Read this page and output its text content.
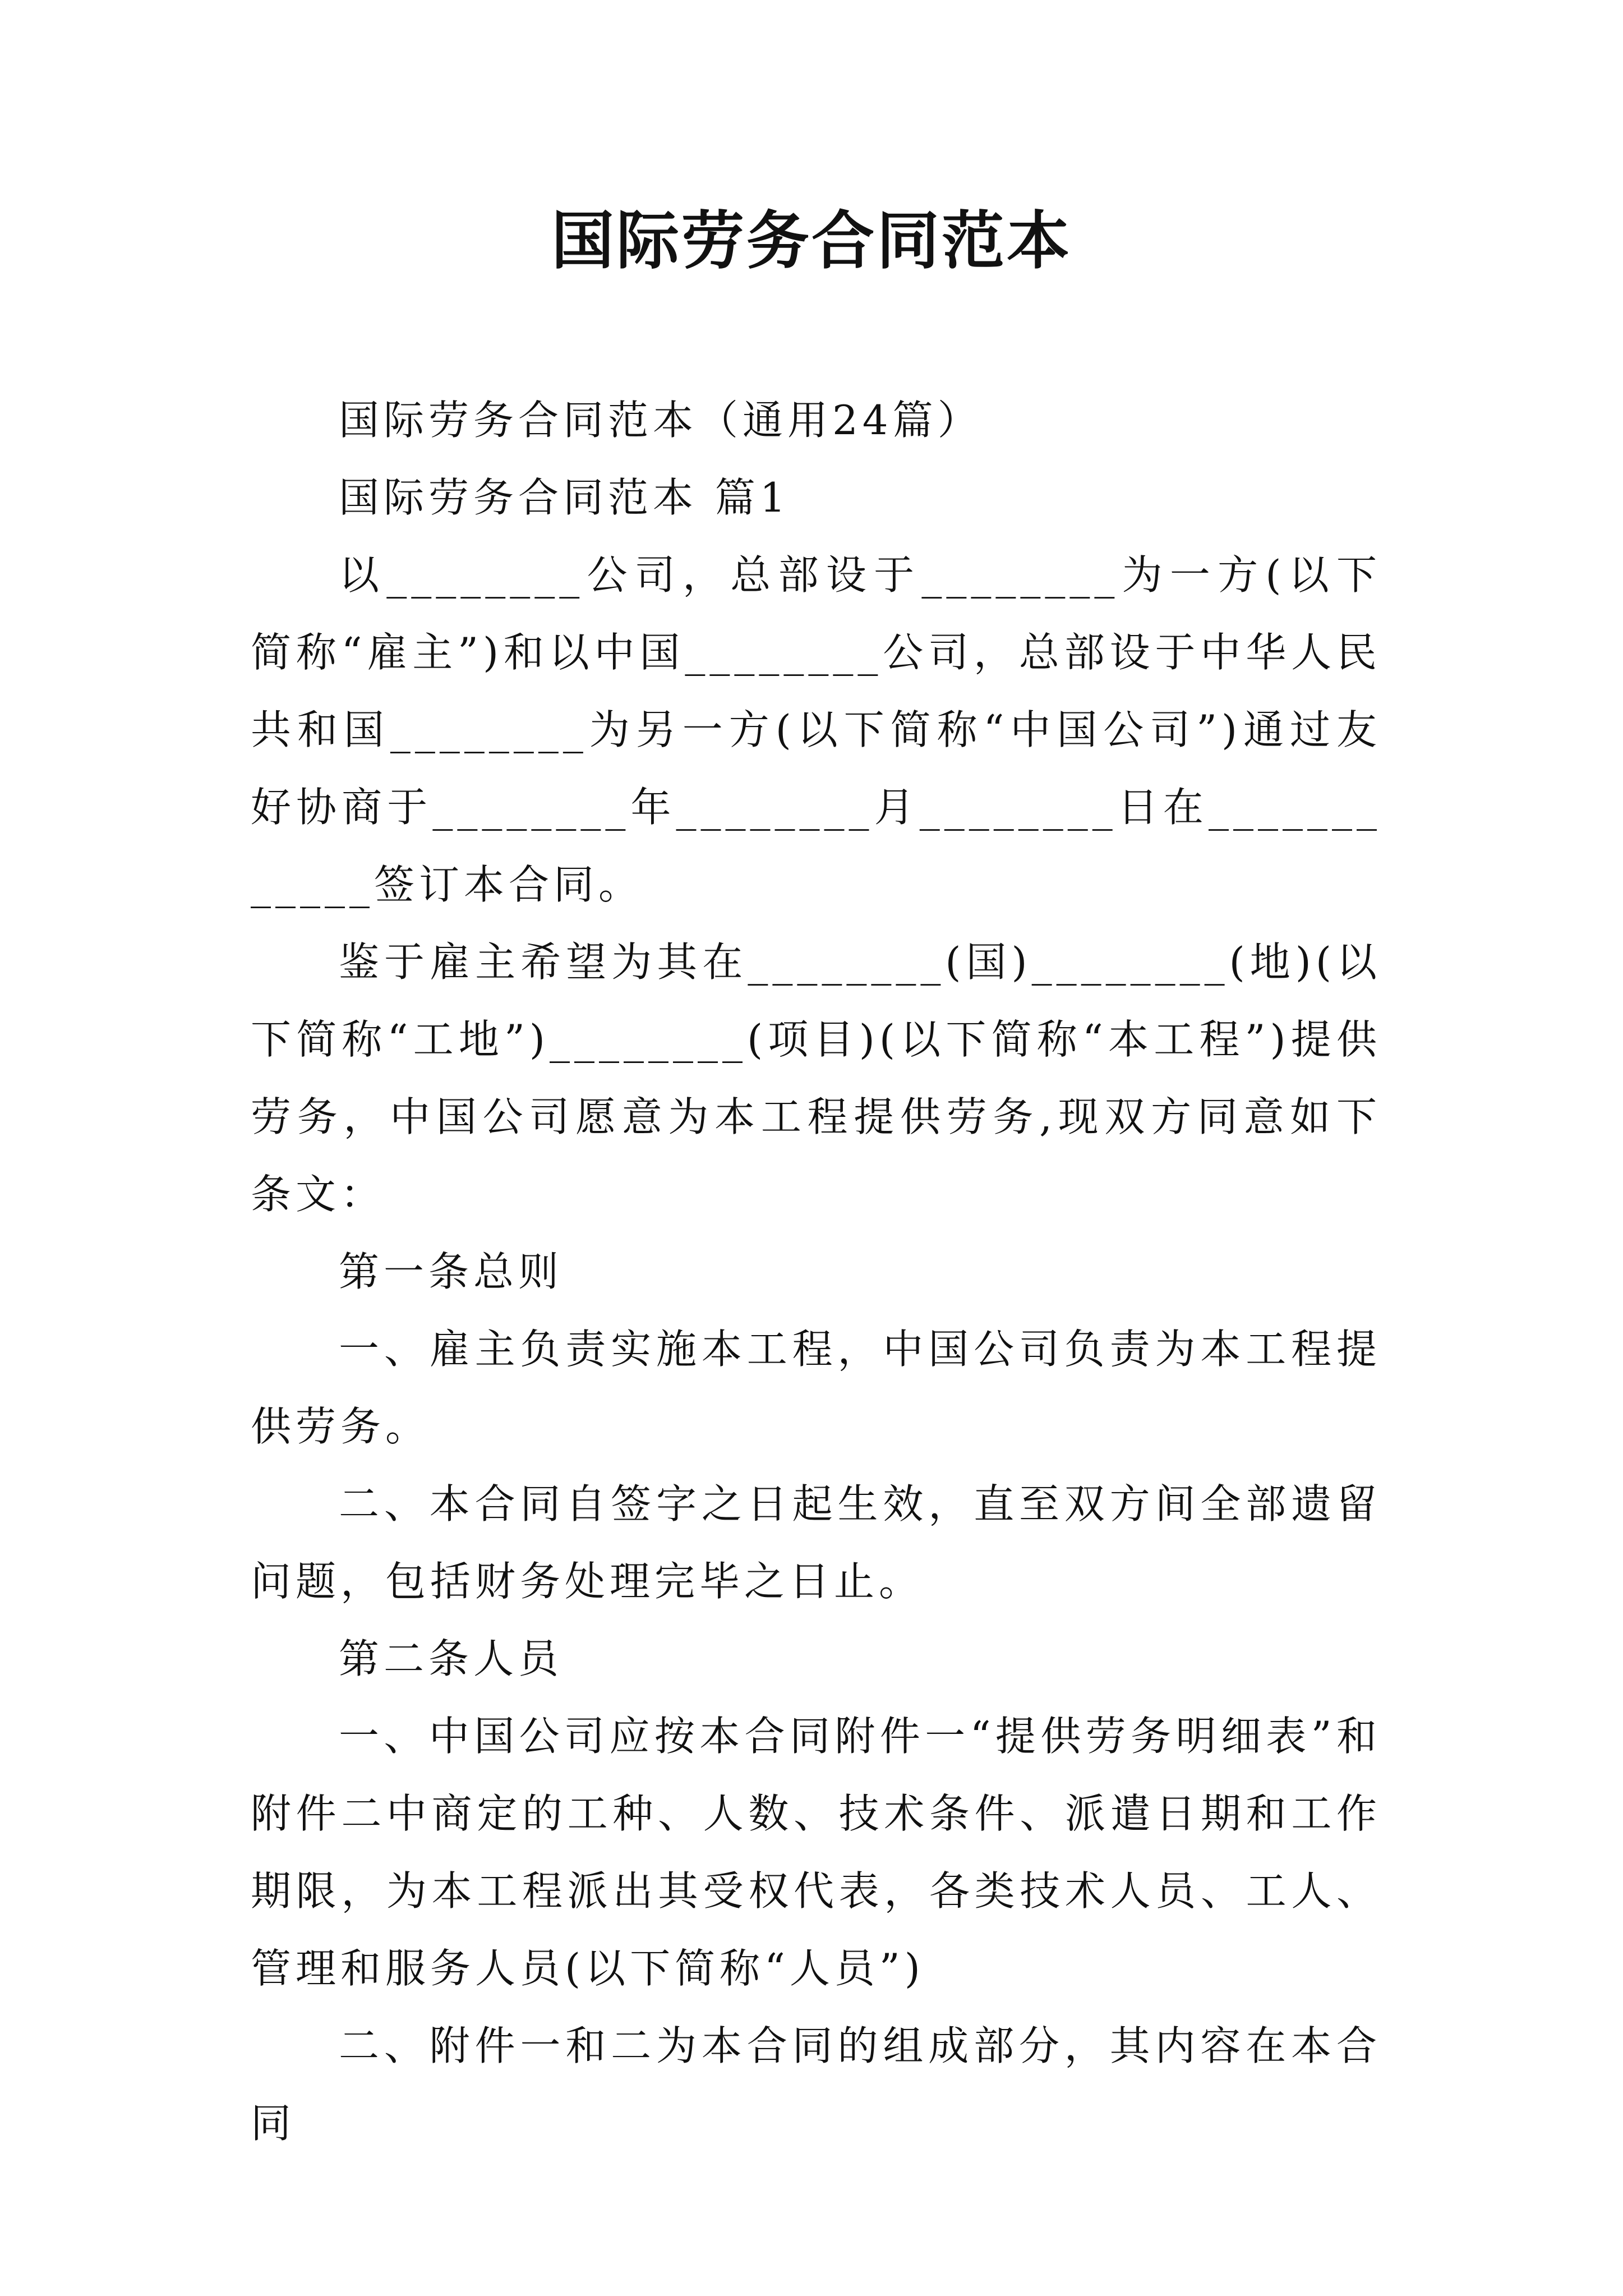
国际劳务合同范本

国际劳务合同范本（通用24篇）

国际劳务合同范本 篇1

以________公司，总部设于________为一方(以下简称“雇主”)和以中国________公司，总部设于中华人民共和国________为另一方(以下简称“中国公司”)通过友好协商于________年________月________日在____________签订本合同。

鉴于雇主希望为其在________(国)________(地)(以下简称“工地”)________(项目)(以下简称“本工程”)提供劳务，中国公司愿意为本工程提供劳务,现双方同意如下条文：

第一条总则

一、雇主负责实施本工程，中国公司负责为本工程提供劳务。

二、本合同自签字之日起生效，直至双方间全部遗留问题，包括财务处理完毕之日止。

第二条人员

一、中国公司应按本合同附件一“提供劳务明细表”和附件二中商定的工种、人数、技术条件、派遣日期和工作期限，为本工程派出其受权代表，各类技术人员、工人、管理和服务人员(以下简称“人员”)

二、附件一和二为本合同的组成部分，其内容在本合同
